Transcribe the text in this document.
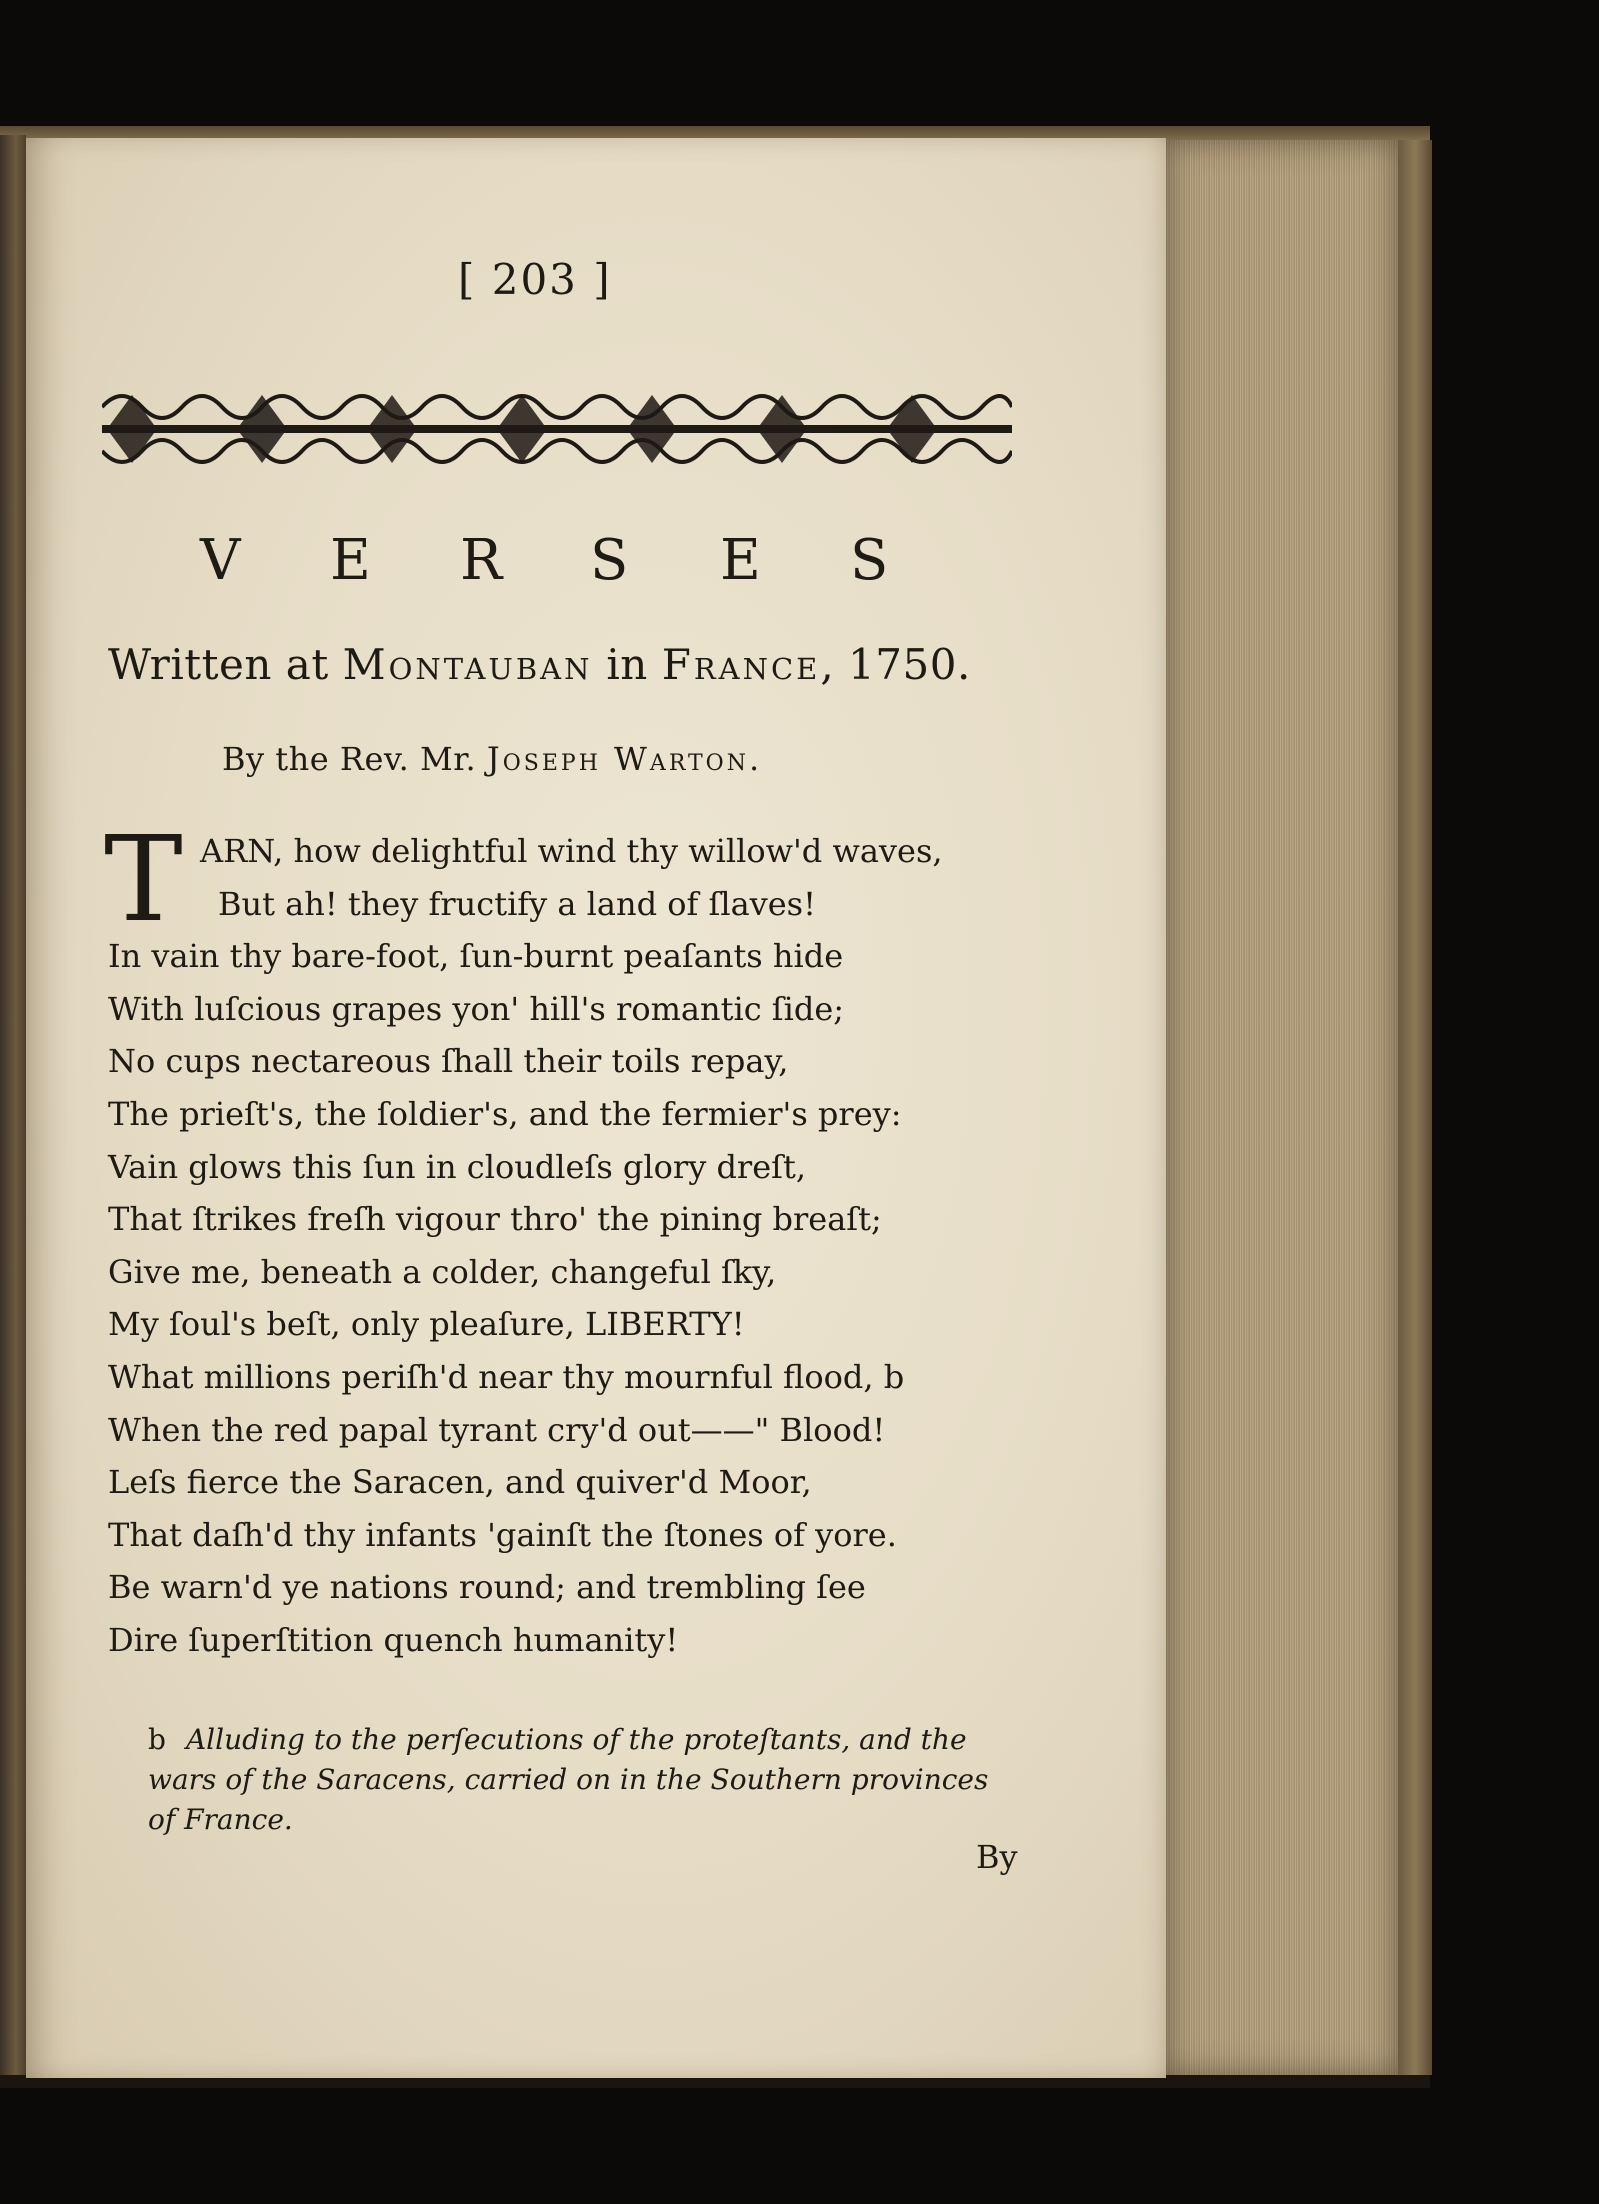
[ 203 ]
V E R S E S
Written at Montauban in France, 1750.
By the Rev. Mr. Joseph Warton.
T ARN, how delightful wind thy willow'd waves,
But ah! they fructify a land of ſlaves!
In vain thy bare-foot, ſun-burnt peaſants hide
With luſcious grapes yon' hill's romantic ſide;
No cups nectareous ſhall their toils repay,
The prieſt's, the ſoldier's, and the fermier's prey:
Vain glows this ſun in cloudleſs glory dreſt,
That ſtrikes freſh vigour thro' the pining breaſt;
Give me, beneath a colder, changeful ſky,
My ſoul's beſt, only pleaſure, LIBERTY!
What millions periſh'd near thy mournful flood, b
When the red papal tyrant cry'd out——" Blood!
Leſs fierce the Saracen, and quiver'd Moor,
That daſh'd thy infants 'gainſt the ſtones of yore.
Be warn'd ye nations round; and trembling ſee
Dire ſuperſtition quench humanity!
b Alluding to the perſecutions of the proteſtants, and the
wars of the Saracens, carried on in the Southern provinces
of France.
By
